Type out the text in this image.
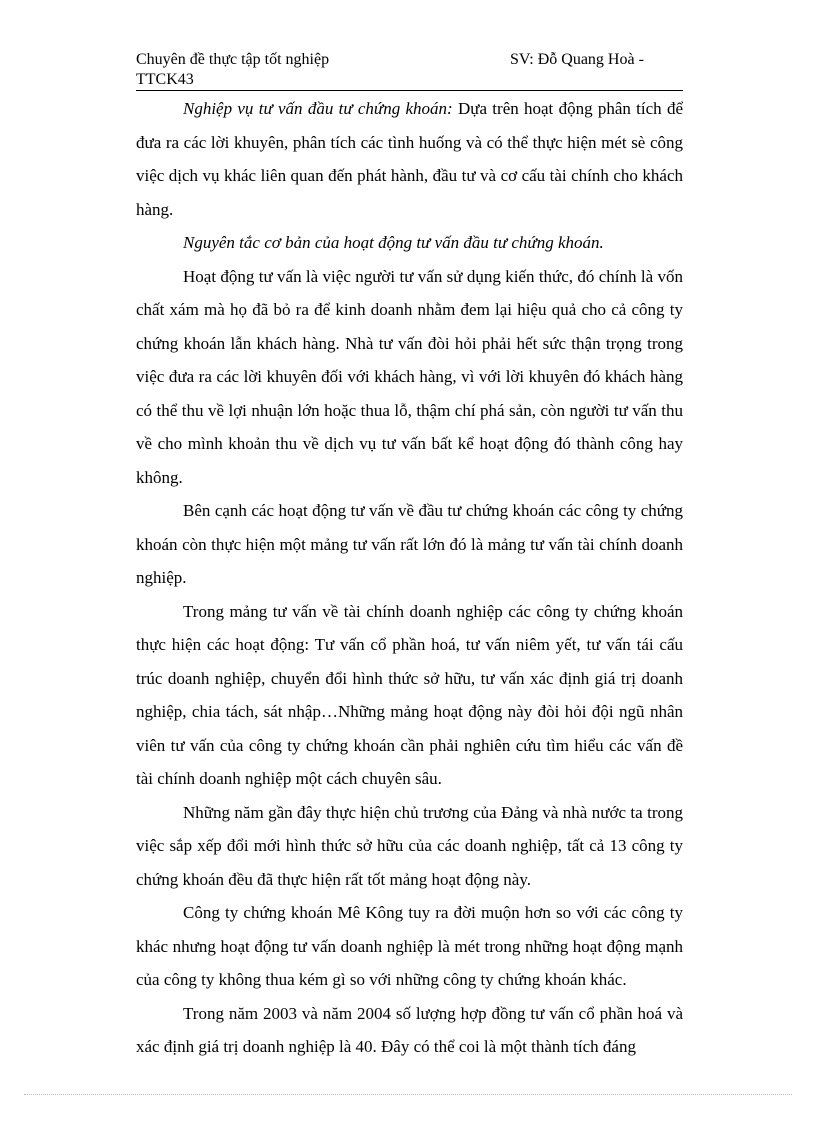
Chuyên đề thực tập tốt nghiệp
TTCK43
SV: Đỗ Quang Hoà -

Nghiệp vụ tư vấn đầu tư chứng khoán: Dựa trên hoạt động phân tích để đưa ra các lời khuyên, phân tích các tình huống và có thể thực hiện mét sè công việc dịch vụ khác liên quan đến phát hành, đầu tư và cơ cấu tài chính cho khách hàng.

Nguyên tắc cơ bản của hoạt động tư vấn đầu tư chứng khoán.

Hoạt động tư vấn là việc người tư vấn sử dụng kiến thức, đó chính là vốn chất xám mà họ đã bỏ ra để kinh doanh nhằm đem lại hiệu quả cho cả công ty chứng khoán lẫn khách hàng. Nhà tư vấn đòi hỏi phải hết sức thận trọng trong việc đưa ra các lời khuyên đối với khách hàng, vì với lời khuyên đó khách hàng có thể thu về lợi nhuận lớn hoặc thua lỗ, thậm chí phá sản, còn người tư vấn thu về cho mình khoản thu về dịch vụ tư vấn bất kể hoạt động đó thành công hay không.

Bên cạnh các hoạt động tư vấn về đầu tư chứng khoán các công ty chứng khoán còn thực hiện một mảng tư vấn rất lớn đó là mảng tư vấn tài chính doanh nghiệp.

Trong mảng tư vấn về tài chính doanh nghiệp các công ty chứng khoán thực hiện các hoạt động: Tư vấn cổ phần hoá, tư vấn niêm yết, tư vấn tái cấu trúc doanh nghiệp, chuyển đổi hình thức sở hữu, tư vấn xác định giá trị doanh nghiệp, chia tách, sát nhập…Những mảng hoạt động này đòi hỏi đội ngũ nhân viên tư vấn của công ty chứng khoán cần phải nghiên cứu tìm hiểu các vấn đề tài chính doanh nghiệp một cách chuyên sâu.

Những năm gần đây thực hiện chủ trương của Đảng và nhà nước ta trong việc sắp xếp đổi mới hình thức sở hữu của các doanh nghiệp, tất cả 13 công ty chứng khoán đều đã thực hiện rất tốt mảng hoạt động này.

Công ty chứng khoán Mê Kông tuy ra đời muộn hơn so với các công ty khác nhưng hoạt động tư vấn doanh nghiệp là mét trong những hoạt động mạnh của công ty không thua kém gì so với những công ty chứng khoán khác.

Trong năm 2003 và năm 2004 số lượng hợp đồng tư vấn cổ phần hoá và xác định giá trị doanh nghiệp là 40. Đây có thể coi là một thành tích đáng
